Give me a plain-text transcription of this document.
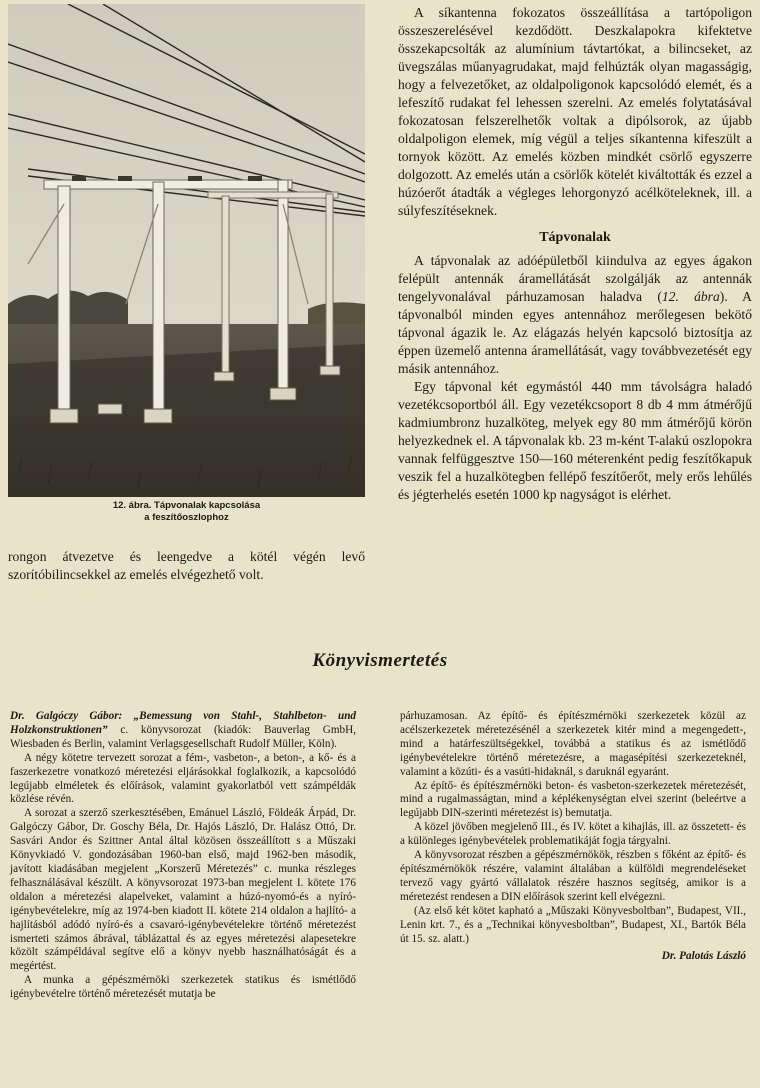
12. ábra. Tápvonalak kapcsolása
a feszítőoszlophoz
rongon átvezetve és leengedve a kötél végén levő szorítóbilincsekkel az emelés elvégezhető volt.

A síkantenna fokozatos összeállítása a tartópoligon összeszerelésével kezdődött. Deszkalapokra kifektetve összekapcsolták az alumínium távtartókat, a bilincseket, az üvegszálas műanyagrudakat, majd felhúzták olyan magasságig, hogy a felvezetőket, az oldalpoligonok kapcsolódó elemét, és a lefeszítő rudakat fel lehessen szerelni. Az emelés folytatásával fokozatosan felszerelhetők voltak a dipólsorok, az újabb oldalpoligon elemek, míg végül a teljes síkantenna kifeszült a tornyok között. Az emelés közben mindkét csörlő egyszerre dolgozott. Az emelés után a csörlők kötelét kiváltották és ezzel a húzóerőt átadták a végleges lehorgonyzó acélköteleknek, ill. a súlyfeszítéseknek.

Tápvonalak

A tápvonalak az adóépületből kiindulva az egyes ágakon felépült antennák áramellátását szolgálják az antennák tengelyvonalával párhuzamosan haladva (12. ábra). A tápvonalból minden egyes antennához merőlegesen bekötő tápvonal ágazik le. Az elágazás helyén kapcsoló biztosítja az éppen üzemelő antenna áramellátását, vagy továbbvezetését egy másik antennához.

Egy tápvonal két egymástól 440 mm távolságra haladó vezetékcsoportból áll. Egy vezetékcsoport 8 db 4 mm átmérőjű kadmiumbronz huzalköteg, melyek egy 80 mm átmérőjű körön helyezkednek el. A tápvonalak kb. 23 m-ként T-alakú oszlopokra vannak felfüggesztve 150—160 méterenként pedig feszítőkapuk veszik fel a huzalkötegben fellépő feszítőerőt, mely erős lehűlés és jégterhelés esetén 1000 kp nagyságot is elérhet.

Könyvismertetés

Dr. Galgóczy Gábor: „Bemessung von Stahl-, Stahlbeton- und Holzkonstruktionen” c. könyvsorozat (kiadók: Bauverlag GmbH, Wiesbaden és Berlin, valamint Verlagsgesellschaft Rudolf Müller, Köln).

A négy kötetre tervezett sorozat a fém-, vasbeton-, a beton-, a kő- és a faszerkezetre vonatkozó méretezési eljárásokkal foglalkozik, a kapcsolódó legújabb elméletek és előírások, valamint gyakorlatból vett számpéldák közlése révén.

A sorozat a szerző szerkesztésében, Emánuel László, Földeák Árpád, Dr. Galgóczy Gábor, Dr. Goschy Béla, Dr. Hajós László, Dr. Halász Ottó, Dr. Sasvári Andor és Szittner Antal által közösen összeállított s a Műszaki Könyvkiadó V. gondozásában 1960-ban első, majd 1962-ben második, javított kiadásában megjelent „Korszerű Méretezés” c. munka részleges felhasználásával készült. A könyvsorozat 1973-ban megjelent I. kötete 176 oldalon a méretezési alapelveket, valamint a húzó-nyomó-és a nyíró-igénybevételekre, míg az 1974-ben kiadott II. kötete 214 oldalon a hajlító- a hajlításból adódó nyíró-és a csavaró-igénybevételekre történő méretezést ismerteti számos ábrával, táblázattal és az egyes méretezési alapesetekre közölt számpéldával segítve elő a könyv nyebb használhatóságát és a megértést.

A munka a gépészmérnöki szerkezetek statikus és ismétlődő igénybevételre történő méretezését mutatja be

párhuzamosan. Az építő- és építészmérnöki szerkezetek közül az acélszerkezetek méretezésénél a szerkezetek kitér mind a megengedett-, mind a határfeszültségekkel, továbbá a statikus és az ismétlődő igénybevételekre történő méretezésre, a magasépítési szerkezeteknél, valamint a közúti- és a vasúti-hidaknál, s daruknál egyaránt.

Az építő- és építészmérnöki beton- és vasbeton-szerkezetek méretezését, mind a rugalmasságtan, mind a képlékenységtan elvei szerint (beleértve a legújabb DIN-szerinti méretezést is) bemutatja.

A közel jövőben megjelenő III., és IV. kötet a kihajlás, ill. az összetett- és a különleges igénybevételek problematikáját fogja tárgyalni.

A könyvsorozat részben a gépészmérnökök, részben s főként az építő- és építészmérnökök részére, valamint általában a külföldi megrendeléseket tervező vagy gyártó vállalatok részére hasznos segítség, amikor is a méretezést rendesen a DIN előírások szerint kell elvégezni.

(Az első két kötet kapható a „Műszaki Könyvesboltban”, Budapest, VII., Lenin krt. 7., és a „Technikai könyvesboltban”, Budapest, XI., Bartók Béla út 15. sz. alatt.)

Dr. Palotás László
